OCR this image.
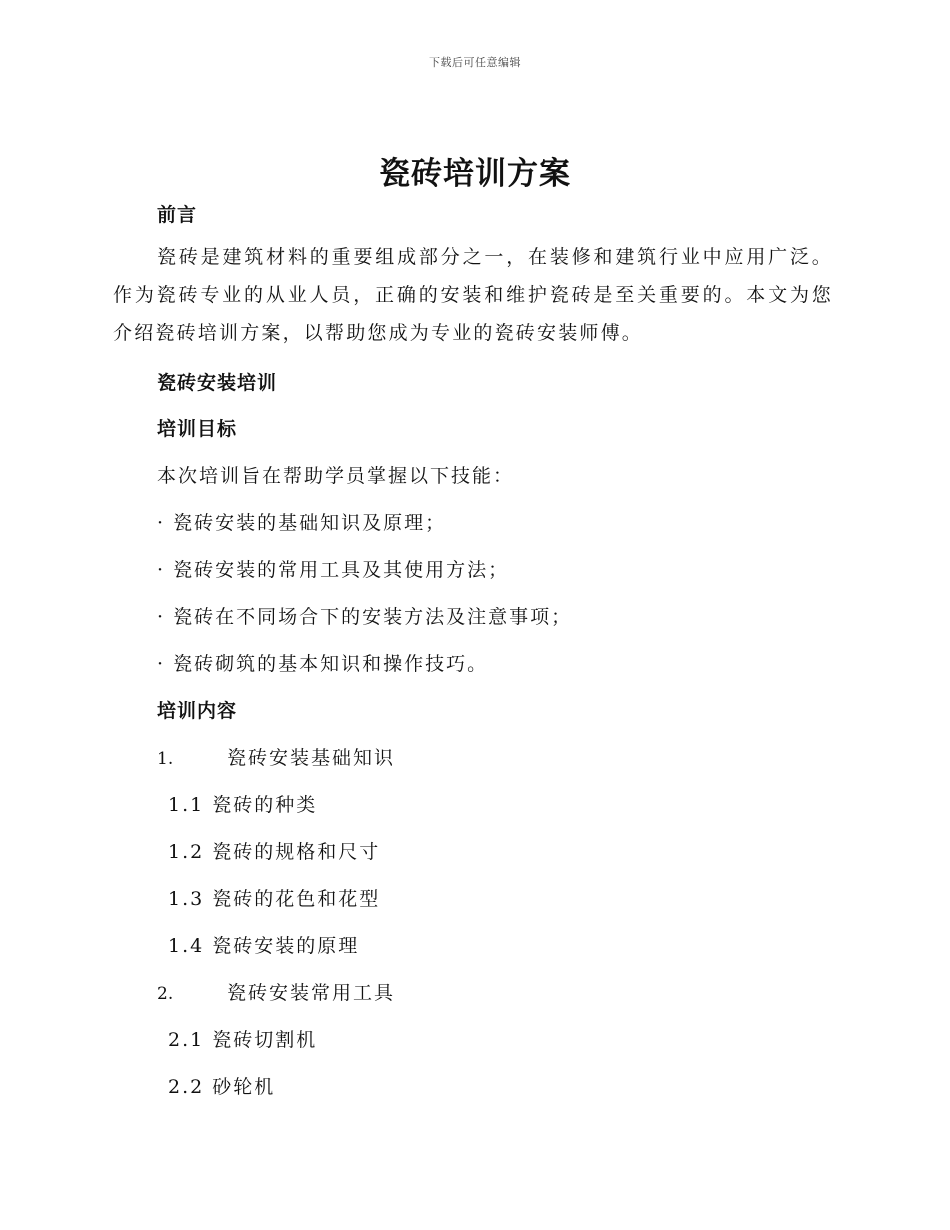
下载后可任意编辑
瓷砖培训方案
前言
瓷砖是建筑材料的重要组成部分之一，在装修和建筑行业中应用广泛。作为瓷砖专业的从业人员，正确的安装和维护瓷砖是至关重要的。本文为您介绍瓷砖培训方案，以帮助您成为专业的瓷砖安装师傅。
瓷砖安装培训
培训目标
本次培训旨在帮助学员掌握以下技能：
· 瓷砖安装的基础知识及原理；
· 瓷砖安装的常用工具及其使用方法；
· 瓷砖在不同场合下的安装方法及注意事项；
· 瓷砖砌筑的基本知识和操作技巧。
培训内容
1.	瓷砖安装基础知识
1.1 瓷砖的种类
1.2 瓷砖的规格和尺寸
1.3 瓷砖的花色和花型
1.4 瓷砖安装的原理
2.	瓷砖安装常用工具
2.1 瓷砖切割机
2.2 砂轮机
